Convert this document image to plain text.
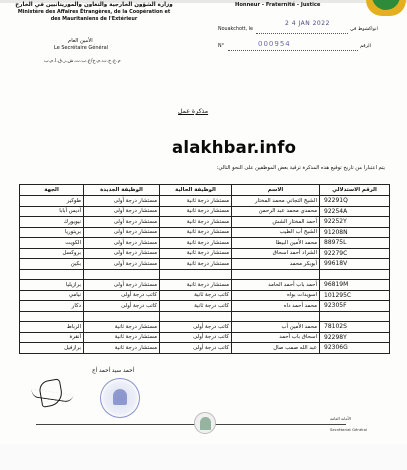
وزارة الشؤون الخارجية والتعاون والموريتانيين في الخارج
Ministère des Affaires Étrangères, de la Coopération et
des Mauritaniens de l'Extérieur
الأمين العام
Le Secrétaire Général
م.ع.خ.ت.م.خ/ع.ب.ت.ش.ر.ق.ا.م.ب
Honneur - Fraternité - Justice
Nouakchott, le
2 4 JAN 2022
انواكشوط في
N°	000954	الرقم
مذكرة عمل
alakhbar.info
يتم اعتبارا من تاريخ توقيع هذه المذكرة ترقية بعض الموظفين على النحو التالي:
الرقم الاستدلالي	الاسم	الوظيفة الحالية	الوظيفة الجديدة	الجهة
92291Q	الشيخ التجاني محمد المختار	مستشار درجة ثانية	مستشار درجة أولى	طوكير
92254A	محمدي محمد عبد الرحمن	مستشار درجة ثانية	مستشار درجة أولى	أديس أبابا
92252Y	أحمد المختار الشش	مستشار درجة ثانية	مستشار درجة أولى	نيويورك
91208N	الشيخ أب الطيب	مستشار درجة ثانية	مستشار درجة أولى	بريتوريا
88975L	محمد الأمين البيطا	مستشار درجة ثانية	مستشار درجة أولى	الكويت
92279C	الشراد أحمد اسحاق	مستشار درجة ثانية	مستشار درجة أولى	بروكسل
99618V	أبوبكر محمد	مستشار درجة ثانية	مستشار درجة أولى	بكين

96819M	أحمد باب أحمد الحامد	مستشار درجة ثانية	مستشار درجة أولى	برازيليا
101295C	اسويدات بواه	كاتب درجة ثانية	كاتب درجة أولى	نيامي
92305F	محمد أحمد داه	كاتب درجة ثانية	كاتب درجة أولى	دكار

78102S	محمد الأمين أب	كاتب درجة أولى	مستشار درجة ثانية	الرباط
92298Y	اسحاق باب أحمد	كاتب درجة أولى	مستشار درجة ثانية	أنقرة
92306G	عبد الله صمب صال	كاتب درجة أولى	مستشار درجة ثانية	برازفيل
أحمد سيد أحمد أج
الأمانة العامة
Secrétariat Général
